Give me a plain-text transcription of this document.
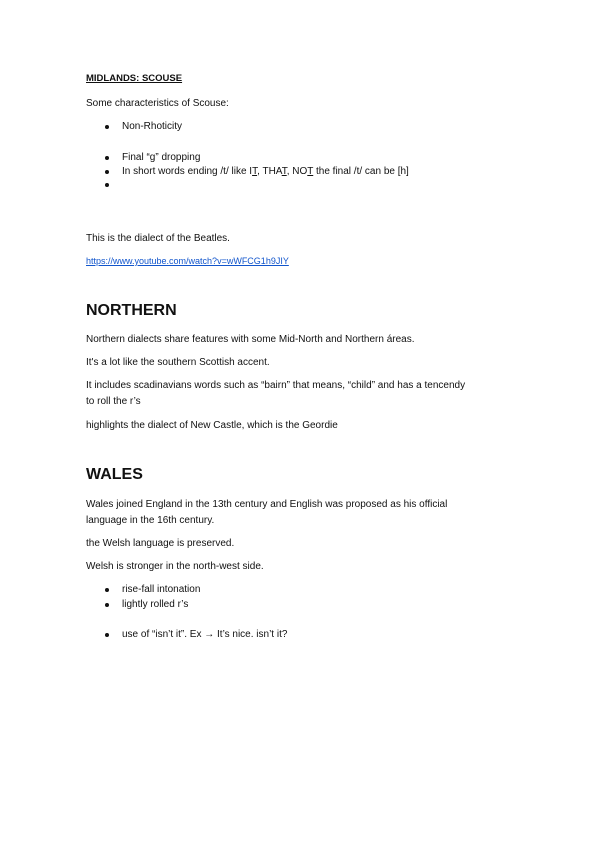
MIDLANDS: SCOUSE
Some characteristics of Scouse:
Non-Rhoticity
Final “g” dropping
In short words ending /t/ like IT, THAT, NOT the final /t/ can be [h]
This is the dialect of the Beatles.
https://www.youtube.com/watch?v=wWFCG1h9JIY
NORTHERN
Northern dialects share features with some Mid-North and Northern áreas.
It's a lot like the southern Scottish accent.
It includes scadinavians words such as “bairn” that means, “child” and has a tencendy
to roll the r’s
highlights the dialect of New Castle, which is the Geordie
WALES
Wales joined England in the 13th century and English was proposed as his official
language in the 16th century.
the Welsh language is preserved.
Welsh is stronger in the north-west side.
rise-fall intonation
lightly rolled r’s
use of “isn’t it”. Ex → It’s nice. isn’t it?
